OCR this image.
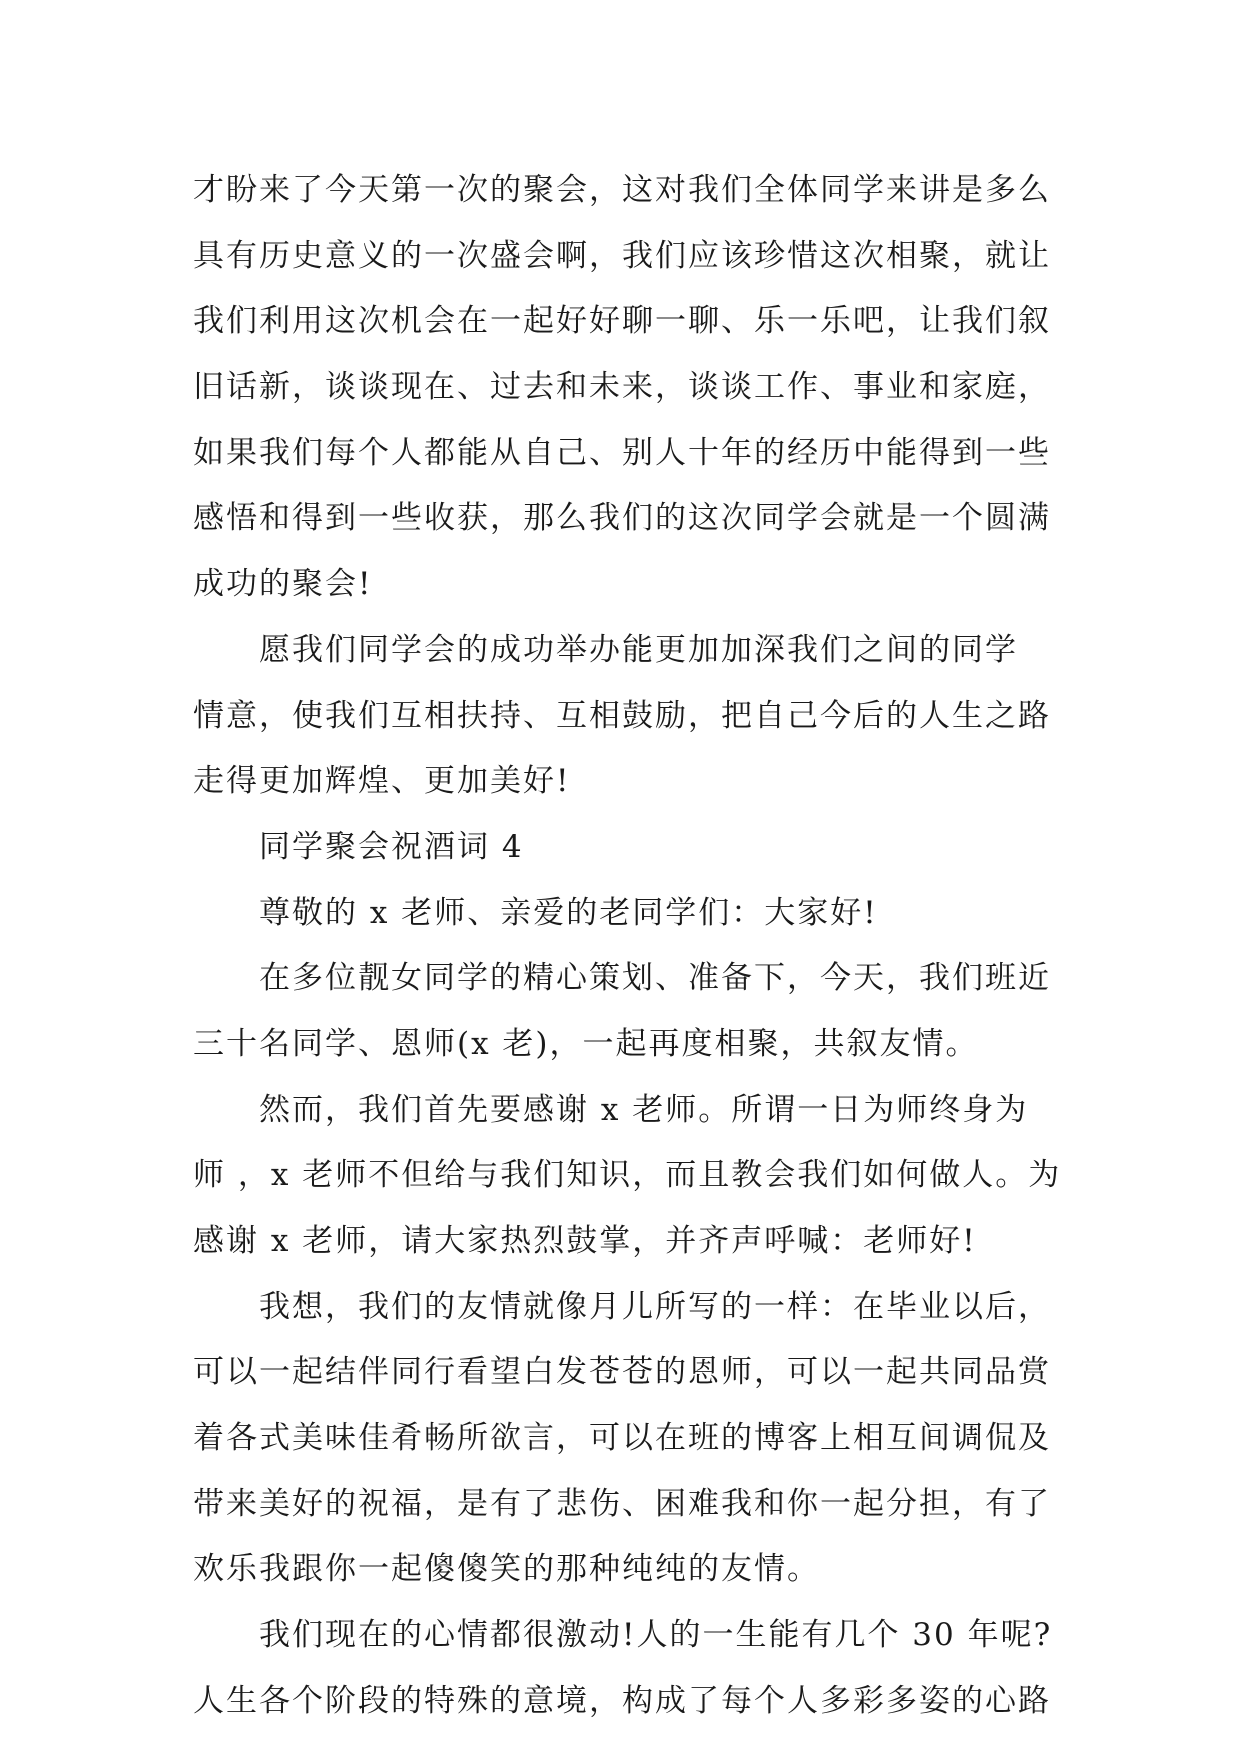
才盼来了今天第一次的聚会，这对我们全体同学来讲是多么
具有历史意义的一次盛会啊，我们应该珍惜这次相聚，就让
我们利用这次机会在一起好好聊一聊、乐一乐吧，让我们叙
旧话新，谈谈现在、过去和未来，谈谈工作、事业和家庭，
如果我们每个人都能从自己、别人十年的经历中能得到一些
感悟和得到一些收获，那么我们的这次同学会就是一个圆满
成功的聚会!
愿我们同学会的成功举办能更加加深我们之间的同学
情意，使我们互相扶持、互相鼓励，把自己今后的人生之路
走得更加辉煌、更加美好!
同学聚会祝酒词 4
尊敬的 x 老师、亲爱的老同学们：大家好!
在多位靓女同学的精心策划、准备下，今天，我们班近
三十名同学、恩师(x 老)，一起再度相聚，共叙友情。
然而，我们首先要感谢 x 老师。所谓一日为师终身为
师 ，x 老师不但给与我们知识，而且教会我们如何做人。为
感谢 x 老师，请大家热烈鼓掌，并齐声呼喊：老师好!
我想，我们的友情就像月儿所写的一样：在毕业以后，
可以一起结伴同行看望白发苍苍的恩师，可以一起共同品赏
着各式美味佳肴畅所欲言，可以在班的博客上相互间调侃及
带来美好的祝福，是有了悲伤、困难我和你一起分担，有了
欢乐我跟你一起傻傻笑的那种纯纯的友情。
我们现在的心情都很激动!人的一生能有几个 30 年呢?
人生各个阶段的特殊的意境，构成了每个人多彩多姿的心路
